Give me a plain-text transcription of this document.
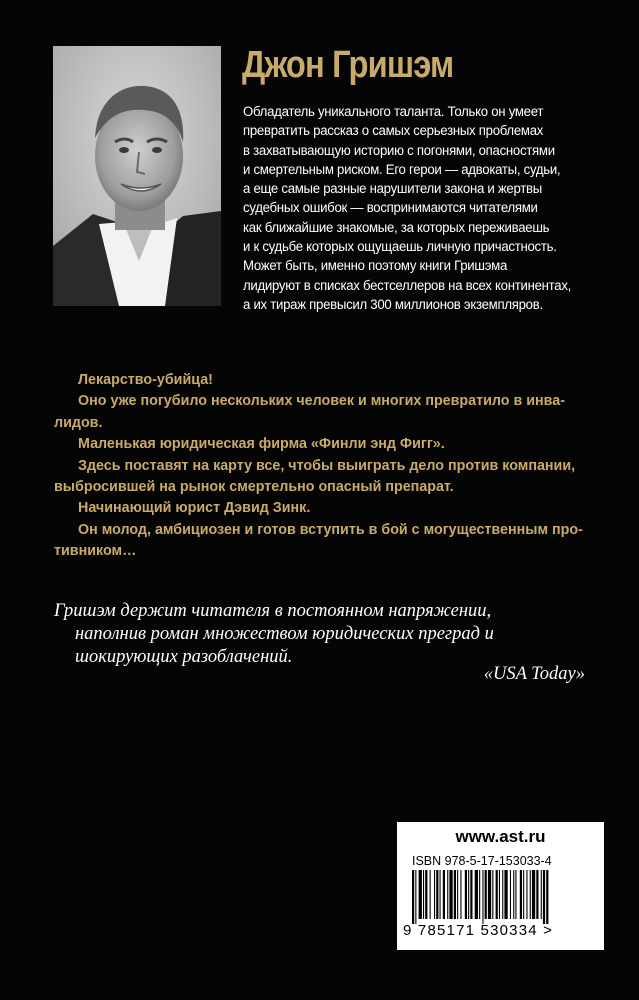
Джон Гришэм
Обладатель уникального таланта. Только он умеет
превратить рассказ о самых серьезных проблемах
в захватывающую историю с погонями, опасностями
и смертельным риском. Его герои — адвокаты, судьи,
а еще самые разные нарушители закона и жертвы
судебных ошибок — воспринимаются читателями
как ближайшие знакомые, за которых переживаешь
и к судьбе которых ощущаешь личную причастность.
Может быть, именно поэтому книги Гришэма
лидируют в списках бестселлеров на всех континентах,
а их тираж превысил 300 миллионов экземпляров.
Лекарство-убийца!
Оно уже погубило нескольких человек и многих превратило в инва-
лидов.
Маленькая юридическая фирма «Финли энд Фигг».
Здесь поставят на карту все, чтобы выиграть дело против компании,
выбросившей на рынок смертельно опасный препарат.
Начинающий юрист Дэвид Зинк.
Он молод, амбициозен и готов вступить в бой с могущественным про-
тивником…
Гришэм держит читателя в постоянном напряжении,
наполнив роман множеством юридических преград и
шокирующих разоблачений.
«USA Today»
www.ast.ru
ISBN 978-5-17-153033-4
9 785171 530334 >
